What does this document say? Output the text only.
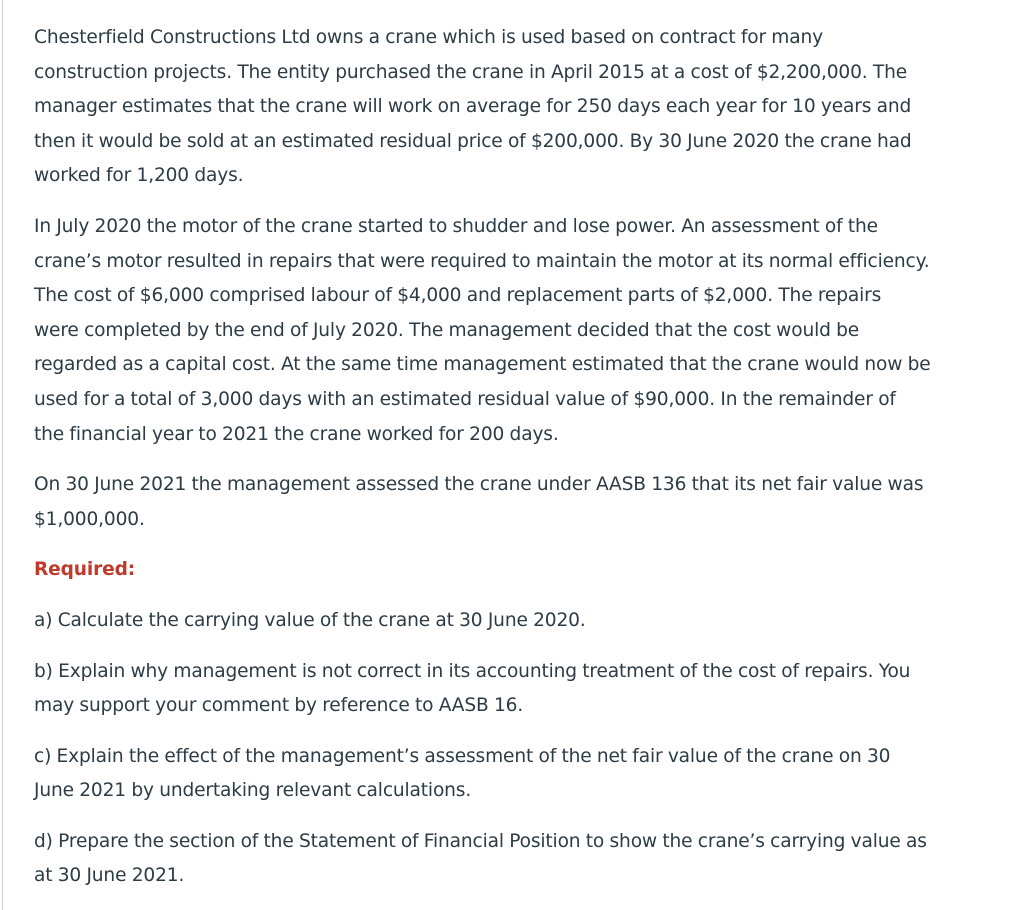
Chesterfield Constructions Ltd owns a crane which is used based on contract for many
construction projects. The entity purchased the crane in April 2015 at a cost of $2,200,000. The
manager estimates that the crane will work on average for 250 days each year for 10 years and
then it would be sold at an estimated residual price of $200,000. By 30 June 2020 the crane had
worked for 1,200 days.

In July 2020 the motor of the crane started to shudder and lose power. An assessment of the
crane’s motor resulted in repairs that were required to maintain the motor at its normal efficiency.
The cost of $6,000 comprised labour of $4,000 and replacement parts of $2,000. The repairs
were completed by the end of July 2020. The management decided that the cost would be
regarded as a capital cost. At the same time management estimated that the crane would now be
used for a total of 3,000 days with an estimated residual value of $90,000. In the remainder of
the financial year to 2021 the crane worked for 200 days.

On 30 June 2021 the management assessed the crane under AASB 136 that its net fair value was
$1,000,000.

Required:

a) Calculate the carrying value of the crane at 30 June 2020.

b) Explain why management is not correct in its accounting treatment of the cost of repairs. You
may support your comment by reference to AASB 16.

c) Explain the effect of the management’s assessment of the net fair value of the crane on 30
June 2021 by undertaking relevant calculations.

d) Prepare the section of the Statement of Financial Position to show the crane’s carrying value as
at 30 June 2021.
